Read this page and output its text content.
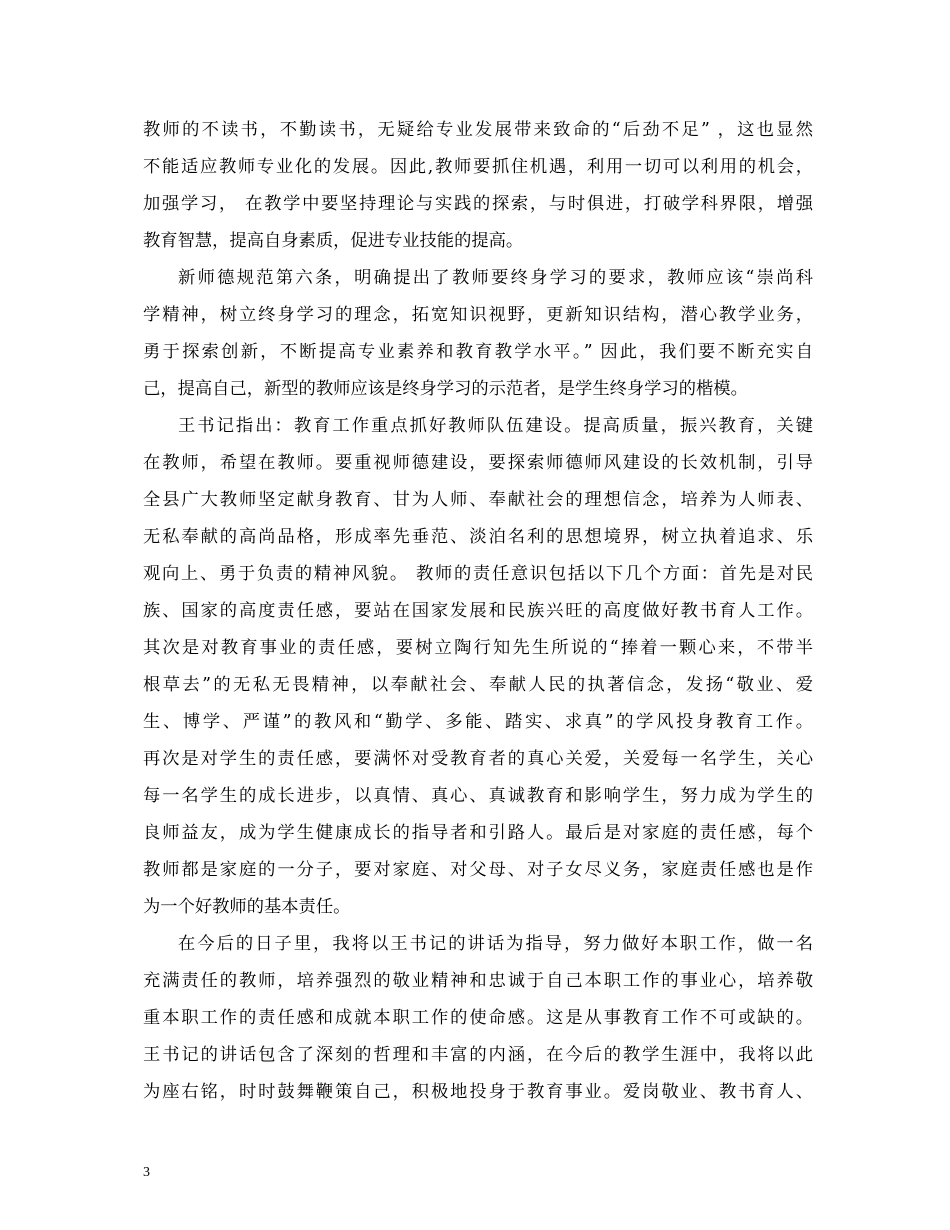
教师的不读书，不勤读书，无疑给专业发展带来致命的“后劲不足” ，这也显然
不能适应教师专业化的发展。因此,教师要抓住机遇，利用一切可以利用的机会，
加强学习， 在教学中要坚持理论与实践的探索，与时俱进，打破学科界限，增强
教育智慧，提高自身素质，促进专业技能的提高。
新师德规范第六条，明确提出了教师要终身学习的要求，教师应该“崇尚科
学精神，树立终身学习的理念，拓宽知识视野，更新知识结构，潜心教学业务，
勇于探索创新，不断提高专业素养和教育教学水平。” 因此，我们要不断充实自
己，提高自己，新型的教师应该是终身学习的示范者，是学生终身学习的楷模。
王书记指出：教育工作重点抓好教师队伍建设。提高质量，振兴教育，关键
在教师，希望在教师。要重视师德建设，要探索师德师风建设的长效机制，引导
全县广大教师坚定献身教育、甘为人师、奉献社会的理想信念，培养为人师表、
无私奉献的高尚品格，形成率先垂范、淡泊名利的思想境界，树立执着追求、乐
观向上、勇于负责的精神风貌。 教师的责任意识包括以下几个方面：首先是对民
族、国家的高度责任感，要站在国家发展和民族兴旺的高度做好教书育人工作。
其次是对教育事业的责任感，要树立陶行知先生所说的“捧着一颗心来，不带半
根草去”的无私无畏精神，以奉献社会、奉献人民的执著信念，发扬“敬业、爱
生、博学、严谨”的教风和“勤学、多能、踏实、求真”的学风投身教育工作。
再次是对学生的责任感，要满怀对受教育者的真心关爱，关爱每一名学生，关心
每一名学生的成长进步，以真情、真心、真诚教育和影响学生，努力成为学生的
良师益友，成为学生健康成长的指导者和引路人。最后是对家庭的责任感，每个
教师都是家庭的一分子，要对家庭、对父母、对子女尽义务，家庭责任感也是作
为一个好教师的基本责任。
在今后的日子里，我将以王书记的讲话为指导，努力做好本职工作，做一名
充满责任的教师，培养强烈的敬业精神和忠诚于自己本职工作的事业心，培养敬
重本职工作的责任感和成就本职工作的使命感。这是从事教育工作不可或缺的。
王书记的讲话包含了深刻的哲理和丰富的内涵，在今后的教学生涯中，我将以此
为座右铭，时时鼓舞鞭策自己，积极地投身于教育事业。爱岗敬业、教书育人、
3
